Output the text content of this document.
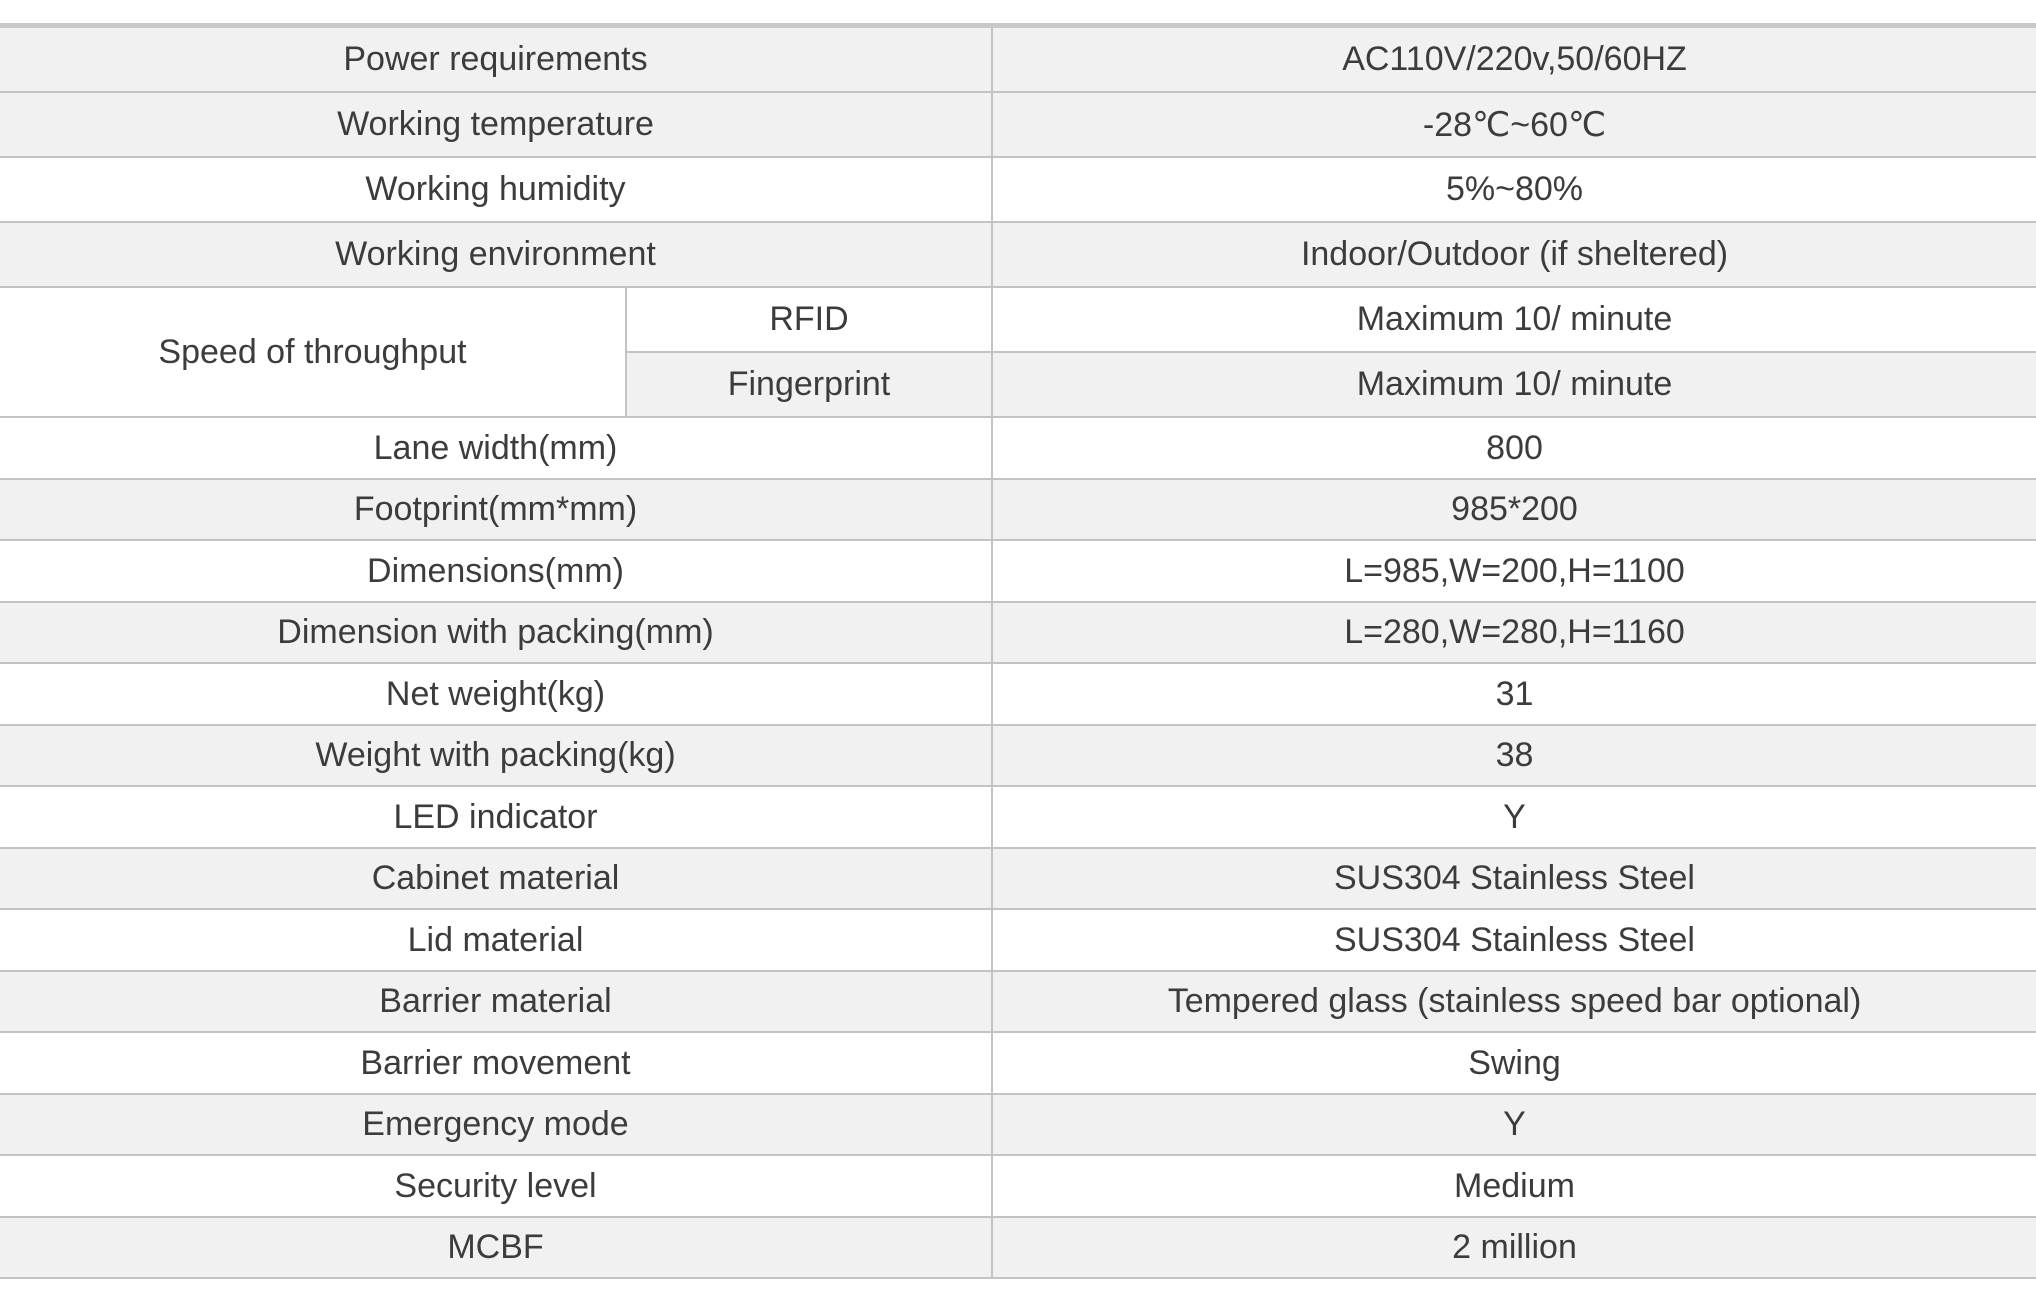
Power requirements		AC110V/220v,50/60HZ
Working temperature		-28℃~60℃
Working humidity		5%~80%
Working environment		Indoor/Outdoor (if sheltered)
Speed of throughput	RFID	Maximum 10/ minute
	Fingerprint	Maximum 10/ minute
Lane width(mm)		800
Footprint(mm*mm)		985*200
Dimensions(mm)		L=985,W=200,H=1100
Dimension with packing(mm)		L=280,W=280,H=1160
Net weight(kg)		31
Weight with packing(kg)		38
LED indicator		Y
Cabinet material		SUS304 Stainless Steel
Lid material		SUS304 Stainless Steel
Barrier material		Tempered glass (stainless speed bar optional)
Barrier movement		Swing
Emergency mode		Y
Security level		Medium
MCBF		2 million
